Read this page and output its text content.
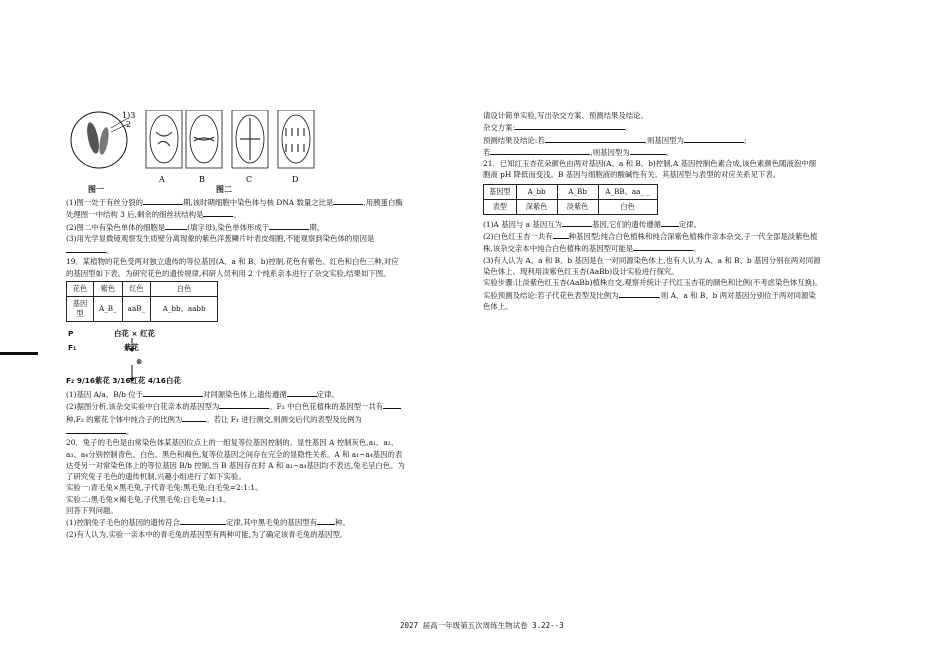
1)3
2
A	B	C	D
图一	图二

(1)图一处于有丝分裂的	期,该时期细胞中染色体与核 DNA 数量之比是	,用胰蛋白酶处理图一中结构 3 后,剩余的细丝状结构是	。

(2)图二中有染色单体的细胞是	(填字母),染色单体形成于	期。

(3)用光学显微镜观察发生质壁分离现象的紫色洋葱鳞片叶表皮细胞,不能观察到染色体的原因是。

19．某植物的花色受两对独立遗传的等位基因(A、a 和 B、b)控制,花色有紫色、红色和白色三种,对应的基因型如下表。为研究花色的遗传规律,科研人员利用 2 个纯系亲本进行了杂交实验,结果如下图。

花色	紫色	红色	白色
基因型	A_B_	aaB_	A_bb、aabb
P	白花 × 红花
F₁	紫花
⊗
F₂ 9/16紫花 3/16红花 4/16白花

(1)基因 A/a、B/b 位于	对同源染色体上,遗传遵循	定律。

(2)据图分析,该杂交实验中白花亲本的基因型为	。F₂ 中白色花植株的基因型一共有种,F₂ 的紫花个体中纯合子的比例为	。若让 F₁ 进行测交,则测交后代的表型及比例为。

20．兔子的毛色是由常染色体某基因位点上的一组复等位基因控制的。显性基因 A 控制灰色,a₁、a₂、a₃、a₄分别控制青色、白色、黑色和褐色,复等位基因之间存在完全的显隐性关系。A 和 a₁~a₄基因的表达受另一对常染色体上的等位基因 B/b 控制,当 B 基因存在时 A 和 a₁~a₄基因均不表达,兔毛呈白色。为了研究兔子毛色的遗传机制,兴趣小组进行了如下实验。

实验一:青毛兔×黑毛兔,子代青毛兔:黑毛兔:白毛兔=2:1:1。

实验二:黑毛兔×褐毛兔,子代黑毛兔:白毛兔=1:1。

回答下列问题。

(1)控制兔子毛色的基因的遗传符合	定律,其中黑毛兔的基因型有 种。

(2)有人认为,实验一亲本中的青毛兔的基因型有两种可能,为了确定该青毛兔的基因型,

请设计简单实验,写出杂交方案、预测结果及结论。

杂交方案:	。

预测结果及结论:若	,则基因型为	;

若	,则基因型为	。

21．已知红玉杏花朵颜色由两对基因(A、a 和 B、b)控制,A 基因控制色素合成,该色素颜色随液泡中细胞液 pH 降低而变浅。B 基因与细胞液的酸碱性有关。其基因型与表型的对应关系见下表。

基因型	A_bb	A_Bb	A_BB、aa_ _
表型	深紫色	淡紫色	白色

(1)A 基因与 a 基因互为	基因,它们的遗传遵循 定律。

(2)白色红玉杏一共有 种基因型;纯合白色植株和纯合深紫色植株作亲本杂交,子一代全部是淡紫色植株,该杂交亲本中纯合白色植株的基因型可能是	。

(3)有人认为 A、a 和 B、b 基因是在一对同源染色体上,也有人认为 A、a 和 B、b 基因分别在两对同源染色体上。现利用淡紫色红玉杏(AaBb)设计实验进行探究。

实验步骤:让淡紫色红玉杏(AaBb)植株自交,观察并统计子代红玉杏花的颜色和比例(不考虑染色体互换)。实验预测及结论:若子代花色表型及比例为	,则 A、a 和 B、b 两对基因分别位于两对同源染色体上。

2027 届高一年级第五次周练生物试卷 3.22--3
